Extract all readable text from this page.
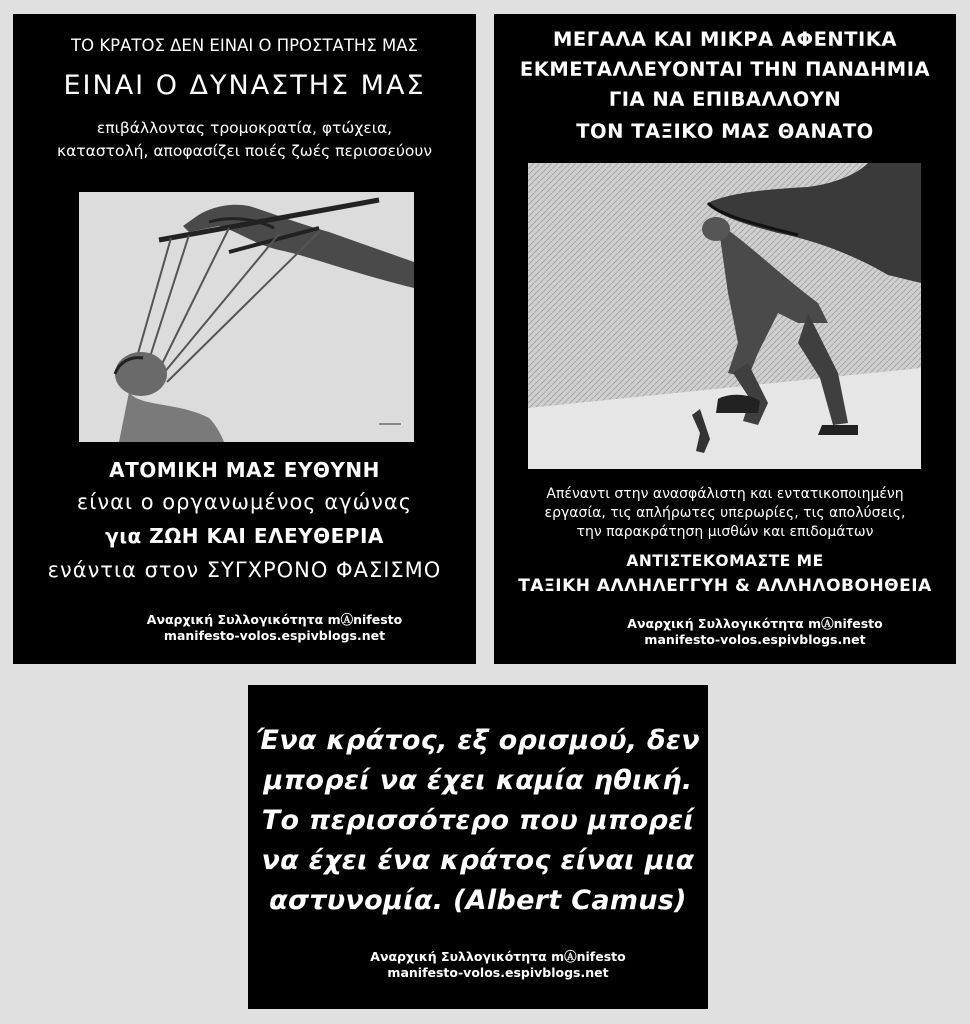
ΤΟ ΚΡΑΤΟΣ ΔΕΝ ΕΙΝΑΙ Ο ΠΡΟΣΤΑΤΗΣ ΜΑΣ
ΕΙΝΑΙ Ο ΔΥΝΑΣΤΗΣ ΜΑΣ
επιβάλλοντας τρομοκρατία, φτώχεια,
καταστολή, αποφασίζει ποιές ζωές περισσεύουν
ΑΤΟΜΙΚΗ ΜΑΣ ΕΥΘΥΝΗ
είναι ο οργανωμένος αγώνας
για ΖΩΗ ΚΑΙ ΕΛΕΥΘΕΡΙΑ
ενάντια στον ΣΥΓΧΡΟΝΟ ΦΑΣΙΣΜΟ
Αναρχική Συλλογικότητα mⒶnifesto
manifesto-volos.espivblogs.net
ΜΕΓΑΛΑ ΚΑΙ ΜΙΚΡΑ ΑΦΕΝΤΙΚΑ
ΕΚΜΕΤΑΛΛΕΥΟΝΤΑΙ ΤΗΝ ΠΑΝΔΗΜΙΑ
ΓΙΑ ΝΑ ΕΠΙΒΑΛΛΟΥΝ
ΤΟΝ ΤΑΞΙΚΟ ΜΑΣ ΘΑΝΑΤΟ
Απέναντι στην ανασφάλιστη και εντατικοποιημένη
εργασία, τις απλήρωτες υπερωρίες, τις απολύσεις,
την παρακράτηση μισθών και επιδομάτων
ΑΝΤΙΣΤΕΚΟΜΑΣΤΕ ΜΕ
ΤΑΞΙΚΗ ΑΛΛΗΛΕΓΓΥΗ & ΑΛΛΗΛΟΒΟΗΘΕΙΑ
Αναρχική Συλλογικότητα mⒶnifesto
manifesto-volos.espivblogs.net
Ένα κράτος, εξ ορισμού, δεν
μπορεί να έχει καμία ηθική.
Το περισσότερο που μπορεί
να έχει ένα κράτος είναι μια
αστυνομία. (Albert Camus)
Αναρχική Συλλογικότητα mⒶnifesto
manifesto-volos.espivblogs.net
